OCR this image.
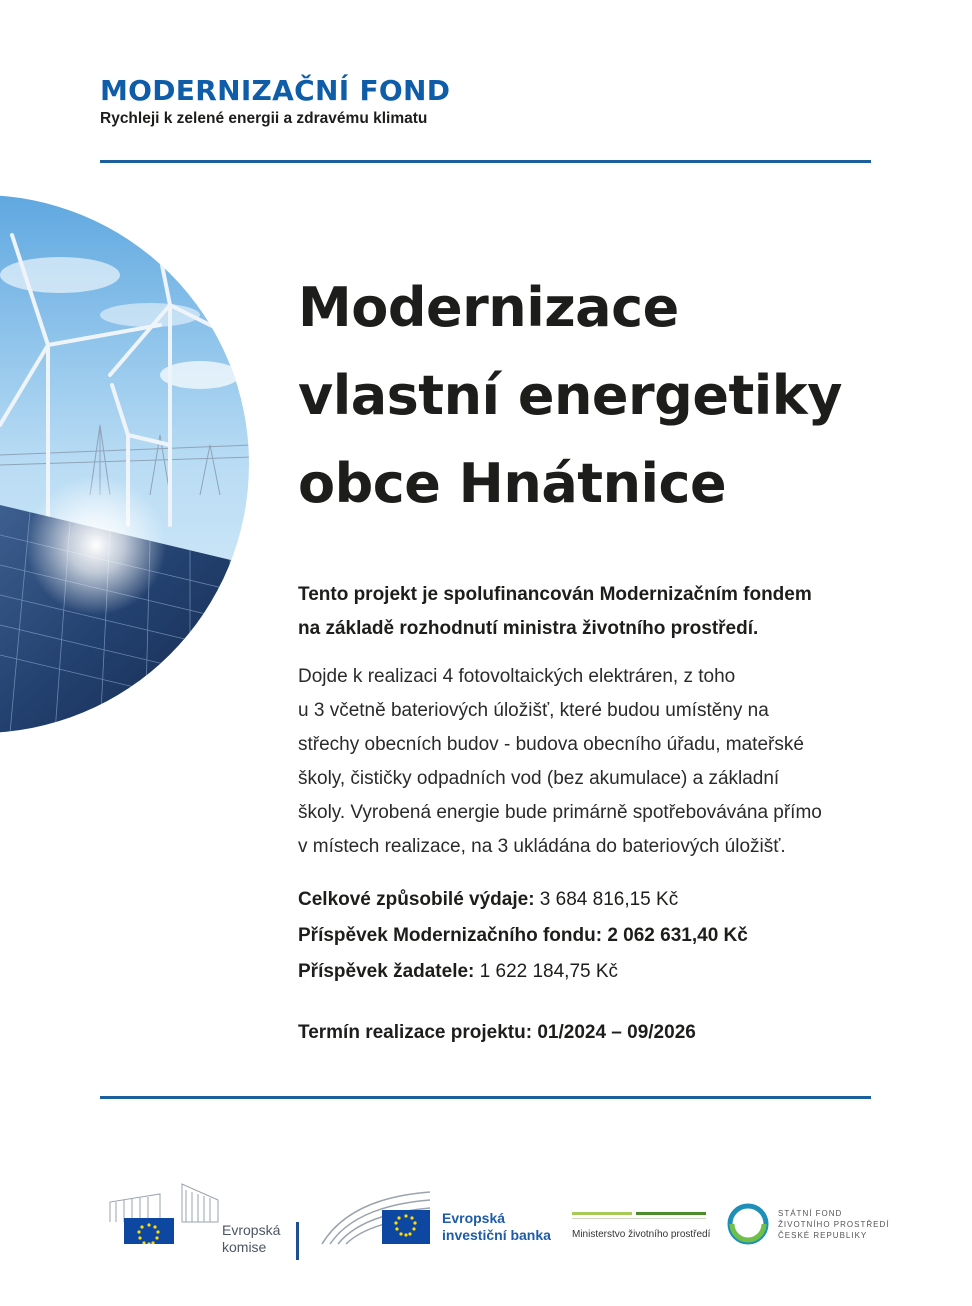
MODERNIZAČNÍ FOND
Rychleji k zelené energii a zdravému klimatu
Modernizace
vlastní energetiky
obce Hnátnice
Tento projekt je spolufinancován Modernizačním fondem
na základě rozhodnutí ministra životního prostředí.
Dojde k realizaci 4 fotovoltaických elektráren, z toho
u 3 včetně bateriových úložišť, které budou umístěny na
střechy obecních budov - budova obecního úřadu, mateřské
školy, čističky odpadních vod (bez akumulace) a základní
školy. Vyrobená energie bude primárně spotřebovávána přímo
v místech realizace, na 3 ukládána do bateriových úložišť.
Celkové způsobilé výdaje: 3 684 816,15 Kč
Příspěvek Modernizačního fondu: 2 062 631,40 Kč
Příspěvek žadatele: 1 622 184,75 Kč
Termín realizace projektu: 01/2024 – 09/2026
Evropská
komise
Evropská
investiční banka Ministerstvo životního prostředí
STÁTNÍ FOND
ŽIVOTNÍHO PROSTŘEDÍ
ČESKÉ REPUBLIKY
